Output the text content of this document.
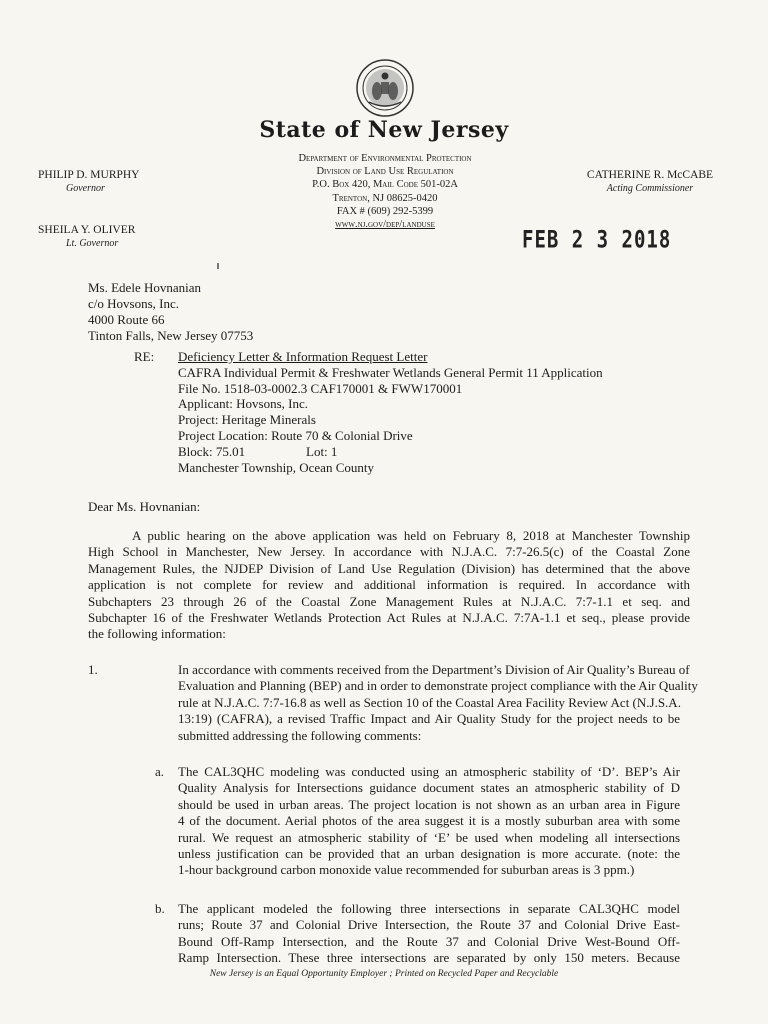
State of New Jersey
Department of Environmental Protection
Division of Land Use Regulation
P.O. Box 420, Mail Code 501-02A
Trenton, NJ 08625-0420
FAX # (609) 292-5399
www.nj.gov/dep/landuse
PHILIP D. MURPHY
Governor
SHEILA Y. OLIVER
Lt. Governor
CATHERINE R. McCABE
Acting Commissioner
FEB 2 3 2018
Ms. Edele Hovnanian
c/o Hovsons, Inc.
4000 Route 66
Tinton Falls, New Jersey 07753
RE: Deficiency Letter & Information Request Letter
CAFRA Individual Permit & Freshwater Wetlands General Permit 11 Application
File No. 1518-03-0002.3 CAF170001 & FWW170001
Applicant: Hovsons, Inc.
Project: Heritage Minerals
Project Location: Route 70 & Colonial Drive
Block: 75.01	Lot: 1
Manchester Township, Ocean County
Dear Ms. Hovnanian:
A public hearing on the above application was held on February 8, 2018 at Manchester Township
High School in Manchester, New Jersey. In accordance with N.J.A.C. 7:7-26.5(c) of the Coastal Zone
Management Rules, the NJDEP Division of Land Use Regulation (Division) has determined that the above
application is not complete for review and additional information is required. In accordance with
Subchapters 23 through 26 of the Coastal Zone Management Rules at N.J.A.C. 7:7-1.1 et seq. and
Subchapter 16 of the Freshwater Wetlands Protection Act Rules at N.J.A.C. 7:7A-1.1 et seq., please provide
the following information:
1.	In accordance with comments received from the Department’s Division of Air Quality’s Bureau of
Evaluation and Planning (BEP) and in order to demonstrate project compliance with the Air Quality
rule at N.J.A.C. 7:7-16.8 as well as Section 10 of the Coastal Area Facility Review Act (N.J.S.A.
13:19) (CAFRA), a revised Traffic Impact and Air Quality Study for the project needs to be
submitted addressing the following comments:
a. The CAL3QHC modeling was conducted using an atmospheric stability of ‘D’. BEP’s Air
Quality Analysis for Intersections guidance document states an atmospheric stability of D
should be used in urban areas. The project location is not shown as an urban area in Figure
4 of the document. Aerial photos of the area suggest it is a mostly suburban area with some
rural. We request an atmospheric stability of ‘E’ be used when modeling all intersections
unless justification can be provided that an urban designation is more accurate. (note: the
1-hour background carbon monoxide value recommended for suburban areas is 3 ppm.)
b. The applicant modeled the following three intersections in separate CAL3QHC model
runs; Route 37 and Colonial Drive Intersection, the Route 37 and Colonial Drive East-
Bound Off-Ramp Intersection, and the Route 37 and Colonial Drive West-Bound Off-
Ramp Intersection. These three intersections are separated by only 150 meters. Because
New Jersey is an Equal Opportunity Employer ; Printed on Recycled Paper and Recyclable
